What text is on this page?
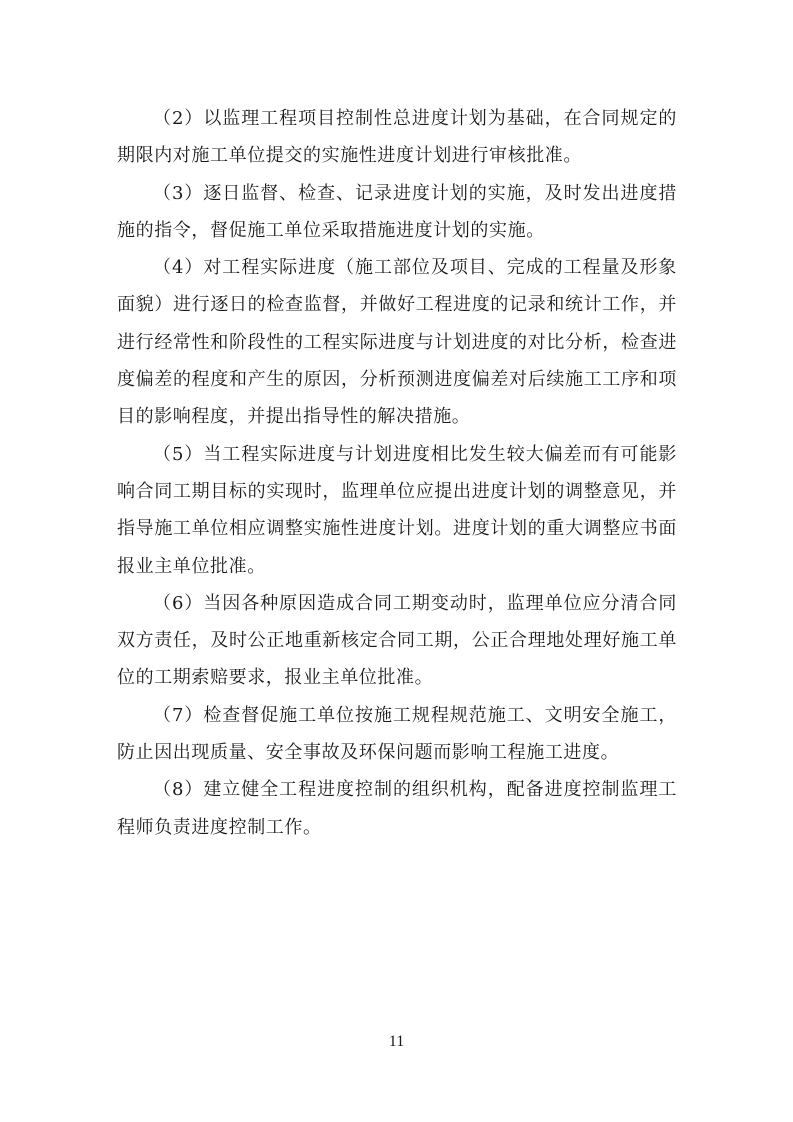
（2）以监理工程项目控制性总进度计划为基础，在合同规定的期限内对施工单位提交的实施性进度计划进行审核批准。

（3）逐日监督、检查、记录进度计划的实施，及时发出进度措施的指令，督促施工单位采取措施进度计划的实施。

（4）对工程实际进度（施工部位及项目、完成的工程量及形象面貌）进行逐日的检查监督，并做好工程进度的记录和统计工作，并进行经常性和阶段性的工程实际进度与计划进度的对比分析，检查进度偏差的程度和产生的原因，分析预测进度偏差对后续施工工序和项目的影响程度，并提出指导性的解决措施。

（5）当工程实际进度与计划进度相比发生较大偏差而有可能影响合同工期目标的实现时，监理单位应提出进度计划的调整意见，并指导施工单位相应调整实施性进度计划。进度计划的重大调整应书面报业主单位批准。

（6）当因各种原因造成合同工期变动时，监理单位应分清合同双方责任，及时公正地重新核定合同工期，公正合理地处理好施工单位的工期索赔要求，报业主单位批准。

（7）检查督促施工单位按施工规程规范施工、文明安全施工，防止因出现质量、安全事故及环保问题而影响工程施工进度。

（8）建立健全工程进度控制的组织机构，配备进度控制监理工程师负责进度控制工作。

11
